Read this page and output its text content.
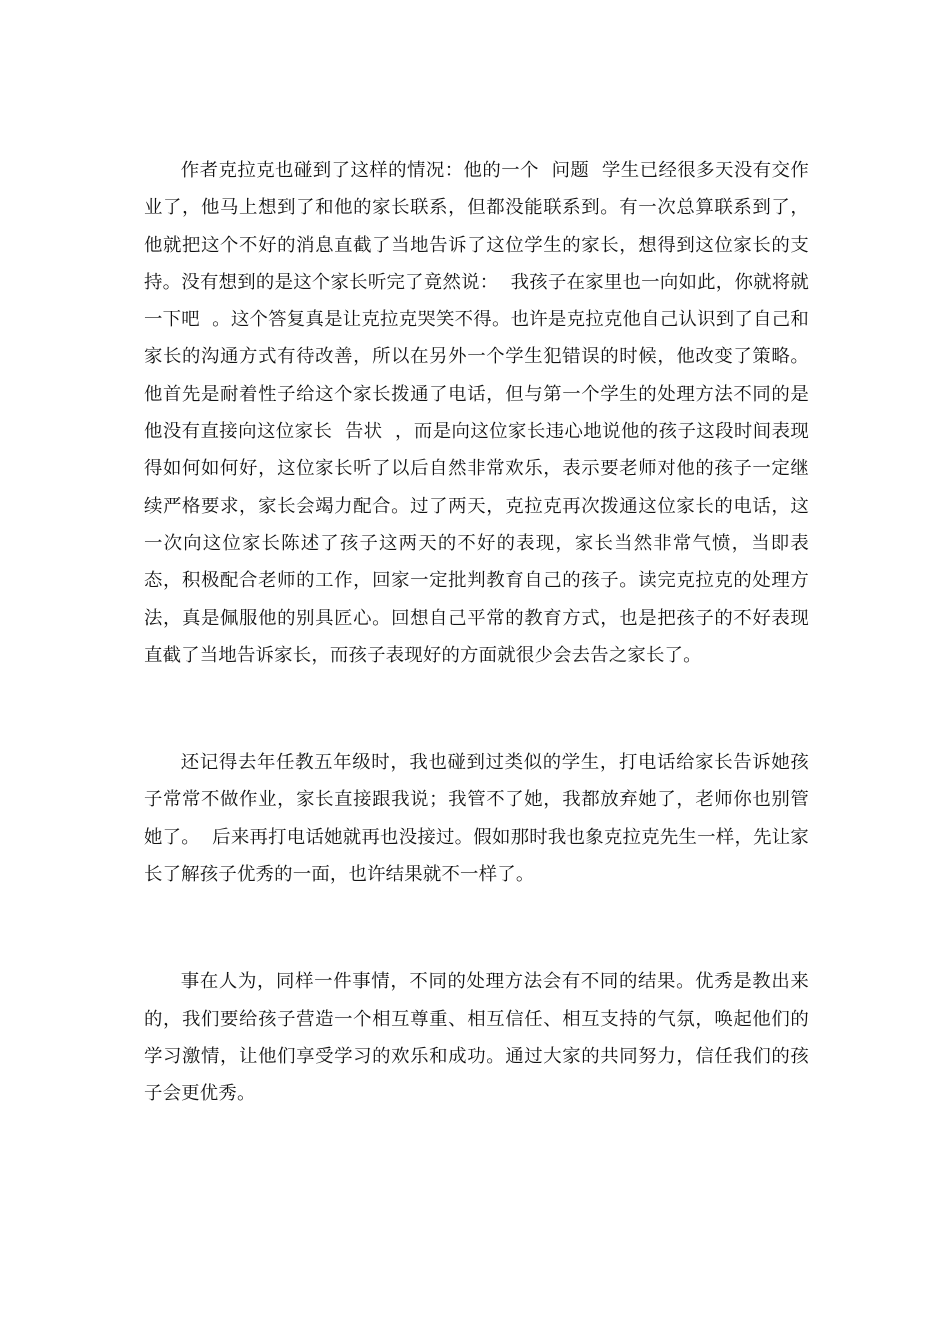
作者克拉克也碰到了这样的情况：他的一个  问题  学生已经很多天没有交作业了，他马上想到了和他的家长联系，但都没能联系到。有一次总算联系到了，他就把这个不好的消息直截了当地告诉了这位学生的家长，想得到这位家长的支持。没有想到的是这个家长听完了竟然说：  我孩子在家里也一向如此，你就将就一下吧  。这个答复真是让克拉克哭笑不得。也许是克拉克他自己认识到了自己和家长的沟通方式有待改善，所以在另外一个学生犯错误的时候，他改变了策略。他首先是耐着性子给这个家长拨通了电话，但与第一个学生的处理方法不同的是他没有直接向这位家长  告状  ，而是向这位家长违心地说他的孩子这段时间表现得如何如何好，这位家长听了以后自然非常欢乐，表示要老师对他的孩子一定继续严格要求，家长会竭力配合。过了两天，克拉克再次拨通这位家长的电话，这一次向这位家长陈述了孩子这两天的不好的表现，家长当然非常气愤，当即表态，积极配合老师的工作，回家一定批判教育自己的孩子。读完克拉克的处理方法，真是佩服他的别具匠心。回想自己平常的教育方式，也是把孩子的不好表现直截了当地告诉家长，而孩子表现好的方面就很少会去告之家长了。

还记得去年任教五年级时，我也碰到过类似的学生，打电话给家长告诉她孩子常常不做作业，家长直接跟我说；我管不了她，我都放弃她了，老师你也别管她了。  后来再打电话她就再也没接过。假如那时我也象克拉克先生一样，先让家长了解孩子优秀的一面，也许结果就不一样了。

事在人为，同样一件事情，不同的处理方法会有不同的结果。优秀是教出来的，我们要给孩子营造一个相互尊重、相互信任、相互支持的气氛，唤起他们的学习激情，让他们享受学习的欢乐和成功。通过大家的共同努力，信任我们的孩子会更优秀。
